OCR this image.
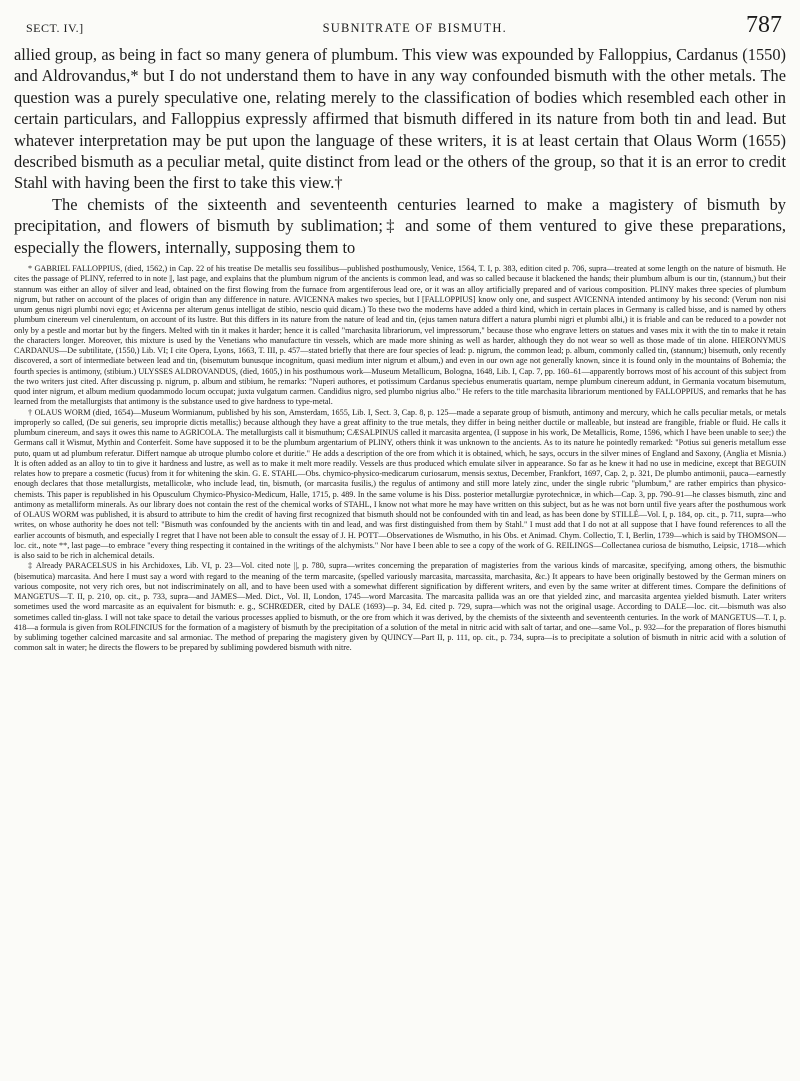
SECT. IV.]	SUBNITRATE OF BISMUTH.	787

allied group, as being in fact so many genera of plumbum. This view was expounded by Falloppius, Cardanus (1550) and Aldrovandus,* but I do not understand them to have in any way confounded bismuth with the other metals. The question was a purely speculative one, relating merely to the classification of bodies which resembled each other in certain particulars, and Falloppius expressly affirmed that bismuth differed in its nature from both tin and lead. But whatever interpretation may be put upon the language of these writers, it is at least certain that Olaus Worm (1655) described bismuth as a peculiar metal, quite distinct from lead or the others of the group, so that it is an error to credit Stahl with having been the first to take this view.†

The chemists of the sixteenth and seventeenth centuries learned to make a magistery of bismuth by precipitation, and flowers of bismuth by sublimation;‡ and some of them ventured to give these preparations, especially the flowers, internally, supposing them to

* GABRIEL FALLOPPIUS, (died, 1562,) in Cap. 22 of his treatise De metallis seu fossilibus—published posthumously, Venice, 1564, T. I, p. 383, edition cited p. 706, supra—treated at some length on the nature of bismuth. He cites the passage of PLINY, referred to in note ||, last page, and explains that the plumbum nigrum of the ancients is common lead, and was so called because it blackened the hands; their plumbum album is our tin, (stannum,) but their stannum was either an alloy of silver and lead, obtained on the first flowing from the furnace from argentiferous lead ore, or it was an alloy artificially prepared and of various composition. PLINY makes three species of plumbum nigrum, but rather on account of the places of origin than any difference in nature. AVICENNA makes two species, but I [FALLOPPIUS] know only one, and suspect AVICENNA intended antimony by his second: (Verum non nisi unum genus nigri plumbi novi ego; et Avicenna per alterum genus intelligat de stibio, nescio quid dicam.) To these two the moderns have added a third kind, which in certain places in Germany is called bisse, and is named by others plumbum cinereum vel cinerulentum, on account of its lustre. But this differs in its nature from the nature of lead and tin, (ejus tamen natura differt a natura plumbi nigri et plumbi albi,) it is friable and can be reduced to a powder not only by a pestle and mortar but by the fingers. Melted with tin it makes it harder; hence it is called "marchasita librariorum, vel impressorum," because those who engrave letters on statues and vases mix it with the tin to make it retain the characters longer. Moreover, this mixture is used by the Venetians who manufacture tin vessels, which are made more shining as well as harder, although they do not wear so well as those made of tin alone. HIERONYMUS CARDANUS—De subtilitate, (1550,) Lib. VI; I cite Opera, Lyons, 1663, T. III, p. 457—stated briefly that there are four species of lead: p. nigrum, the common lead; p. album, commonly called tin, (stannum;) bisemuth, only recently discovered, a sort of intermediate between lead and tin, (bisemutum bunusque incognitum, quasi medium inter nigrum et album,) and even in our own age not generally known, since it is found only in the mountains of Bohemia; the fourth species is antimony, (stibium.) ULYSSES ALDROVANDUS, (died, 1605,) in his posthumous work—Museum Metallicum, Bologna, 1648, Lib. I, Cap. 7, pp. 160–61—apparently borrows most of his account of this subject from the two writers just cited. After discussing p. nigrum, p. album and stibium, he remarks: "Nuperi authores, et potissimum Cardanus speciebus enumeratis quartam, nempe plumbum cinereum addunt, in Germania vocatum bisemutum, quod inter nigrum, et album medium quodammodo locum occupat; juxta vulgatum carmen. Candidius nigro, sed plumbo nigrius albo." He refers to the title marchasita librariorum mentioned by FALLOPPIUS, and remarks that he has learned from the metallurgists that antimony is the substance used to give hardness to type-metal.

† OLAUS WORM (died, 1654)—Museum Wormianum, published by his son, Amsterdam, 1655, Lib. I, Sect. 3, Cap. 8, p. 125—made a separate group of bismuth, antimony and mercury, which he calls peculiar metals, or metals improperly so called, (De sui generis, seu improprie dictis metallis;) because although they have a great affinity to the true metals, they differ in being neither ductile or malleable, but instead are frangible, friable or fluid. He calls it plumbum cinereum, and says it owes this name to AGRICOLA. The metallurgists call it bismuthum; CÆSALPINUS called it marcasita argentea, (I suppose in his work, De Metallicis, Rome, 1596, which I have been unable to see;) the Germans call it Wismut, Mythin and Conterfeit. Some have supposed it to be the plumbum argentarium of PLINY, others think it was unknown to the ancients. As to its nature he pointedly remarked: "Potius sui generis metallum esse puto, quam ut ad plumbum referatur. Differt namque ab utroque plumbo colore et duritie." He adds a description of the ore from which it is obtained, which, he says, occurs in the silver mines of England and Saxony, (Anglia et Misnia.) It is often added as an alloy to tin to give it hardness and lustre, as well as to make it melt more readily. Vessels are thus produced which emulate silver in appearance. So far as he knew it had no use in medicine, except that BEGUIN relates how to prepare a cosmetic (fucus) from it for whitening the skin. G. E. STAHL—Obs. chymico-physico-medicarum curiosarum, mensis sextus, December, Frankfort, 1697, Cap. 2, p. 321, De plumbo antimonii, pauca—earnestly enough declares that those metallurgists, metallicolæ, who include lead, tin, bismuth, (or marcasita fusilis,) the regulus of antimony and still more lately zinc, under the single rubric "plumbum," are rather empirics than physico-chemists. This paper is republished in his Opusculum Chymico-Physico-Medicum, Halle, 1715, p. 489. In the same volume is his Diss. posterior metallurgiæ pyrotechnicæ, in which—Cap. 3, pp. 790–91—he classes bismuth, zinc and antimony as metalliform minerals. As our library does not contain the rest of the chemical works of STAHL, I know not what more he may have written on this subject, but as he was not born until five years after the posthumous work of OLAUS WORM was published, it is absurd to attribute to him the credit of having first recognized that bismuth should not be confounded with tin and lead, as has been done by STILLÉ—Vol. I, p. 184, op. cit., p. 711, supra—who writes, on whose authority he does not tell: "Bismuth was confounded by the ancients with tin and lead, and was first distinguished from them by Stahl." I must add that I do not at all suppose that I have found references to all the earlier accounts of bismuth, and especially I regret that I have not been able to consult the essay of J. H. POTT—Observationes de Wismutho, in his Obs. et Animad. Chym. Collectio, T. I, Berlin, 1739—which is said by THOMSON—loc. cit., note **, last page—to embrace "every thing respecting it contained in the writings of the alchymists." Nor have I been able to see a copy of the work of G. REILINGS—Collectanea curiosa de bismutho, Leipsic, 1718—which is also said to be rich in alchemical details.

‡ Already PARACELSUS in his Archidoxes, Lib. VI, p. 23—Vol. cited note ||, p. 780, supra—writes concerning the preparation of magisteries from the various kinds of marcasitæ, specifying, among others, the bismuthic (bisemutica) marcasita. And here I must say a word with regard to the meaning of the term marcasite, (spelled variously marcasita, marcassita, marchasita, &c.) It appears to have been originally bestowed by the German miners on various composite, not very rich ores, but not indiscriminately on all, and to have been used with a somewhat different signification by different writers, and even by the same writer at different times. Compare the definitions of MANGETUS—T. II, p. 210, op. cit., p. 733, supra—and JAMES—Med. Dict., Vol. II, London, 1745—word Marcasita. The marcasita pallida was an ore that yielded zinc, and marcasita argentea yielded bismuth. Later writers sometimes used the word marcasite as an equivalent for bismuth: e. g., SCHRŒDER, cited by DALE (1693)—p. 34, Ed. cited p. 729, supra—which was not the original usage. According to DALE—loc. cit.—bismuth was also sometimes called tin-glass. I will not take space to detail the various processes applied to bismuth, or the ore from which it was derived, by the chemists of the sixteenth and seventeenth centuries. In the work of MANGETUS—T. I, p. 418—a formula is given from ROLFINCIUS for the formation of a magistery of bismuth by the precipitation of a solution of the metal in nitric acid with salt of tartar, and one—same Vol., p. 932—for the preparation of flores bismuthi by subliming together calcined marcasite and sal armoniac. The method of preparing the magistery given by QUINCY—Part II, p. 111, op. cit., p. 734, supra—is to precipitate a solution of bismuth in nitric acid with a solution of common salt in water; he directs the flowers to be prepared by subliming powdered bismuth with nitre.
